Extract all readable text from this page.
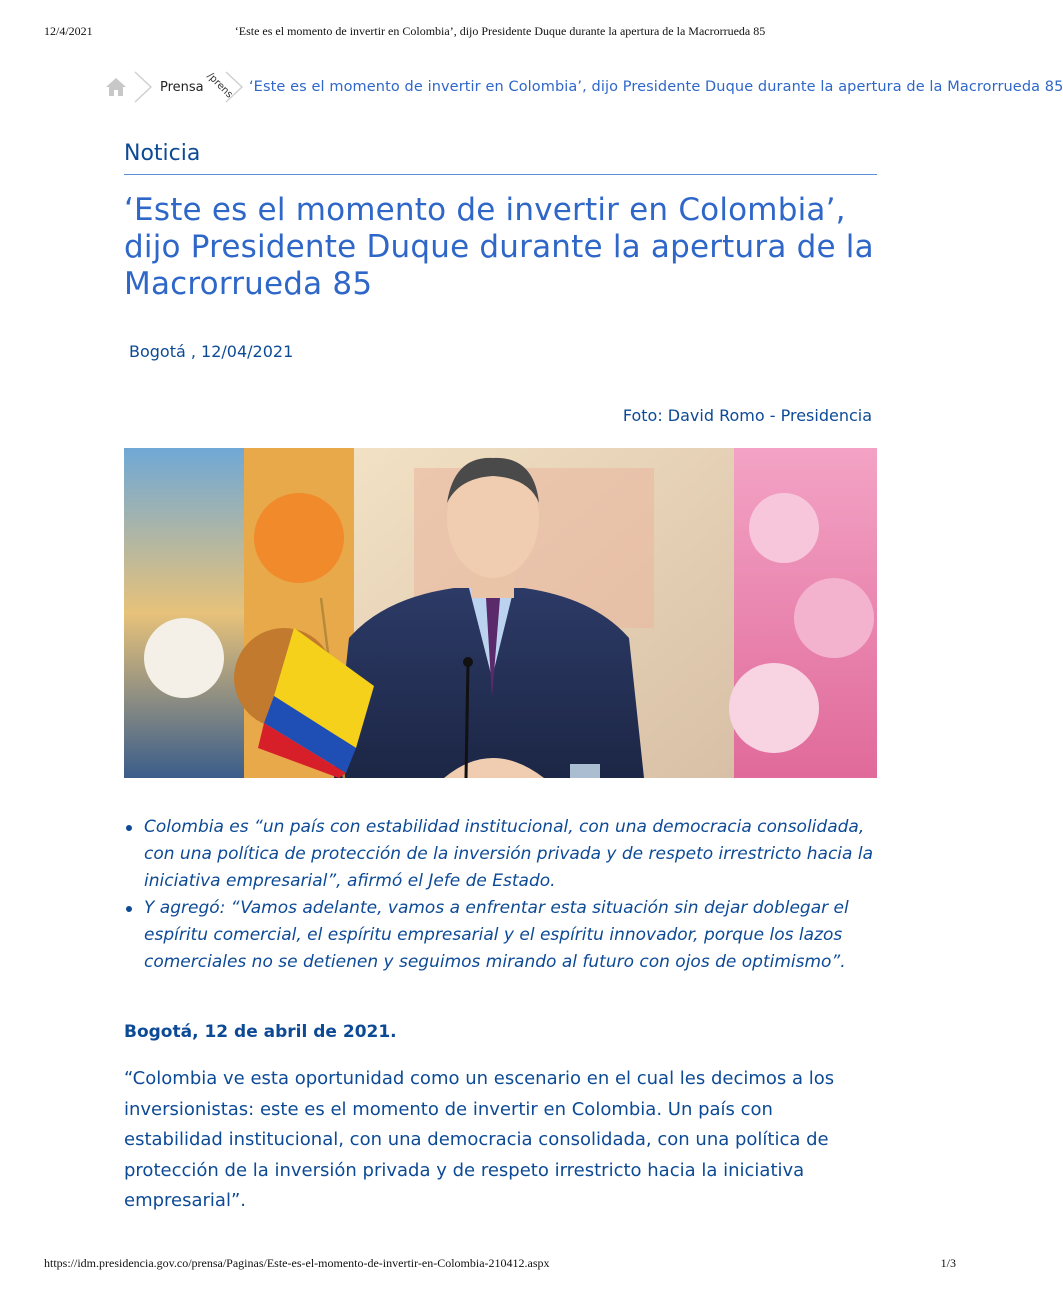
12/4/2021	‘Este es el momento de invertir en Colombia’, dijo Presidente Duque durante la apertura de la Macrorrueda 85
Prensa /prens ‘Este es el momento de invertir en Colombia’, dijo Presidente Duque durante la apertura de la Macrorrueda 85
Noticia
‘Este es el momento de invertir en Colombia’, dijo Presidente Duque durante la apertura de la Macrorrueda 85
Bogotá , 12/04/2021
Foto: David Romo - Presidencia
Colombia es “un país con estabilidad institucional, con una democracia consolidada, con una política de protección de la inversión privada y de respeto irrestricto hacia la iniciativa empresarial”, afirmó el Jefe de Estado.
Y agregó: “Vamos adelante, vamos a enfrentar esta situación sin dejar doblegar el espíritu comercial, el espíritu empresarial y el espíritu innovador, porque los lazos comerciales no se detienen y seguimos mirando al futuro con ojos de optimismo”.
Bogotá, 12 de abril de 2021.

“Colombia ve esta oportunidad como un escenario en el cual les decimos a los inversionistas: este es el momento de invertir en Colombia. Un país con estabilidad institucional, con una democracia consolidada, con una política de protección de la inversión privada y de respeto irrestricto hacia la iniciativa empresarial”.

https://idm.presidencia.gov.co/prensa/Paginas/Este-es-el-momento-de-invertir-en-Colombia-210412.aspx	1/3
